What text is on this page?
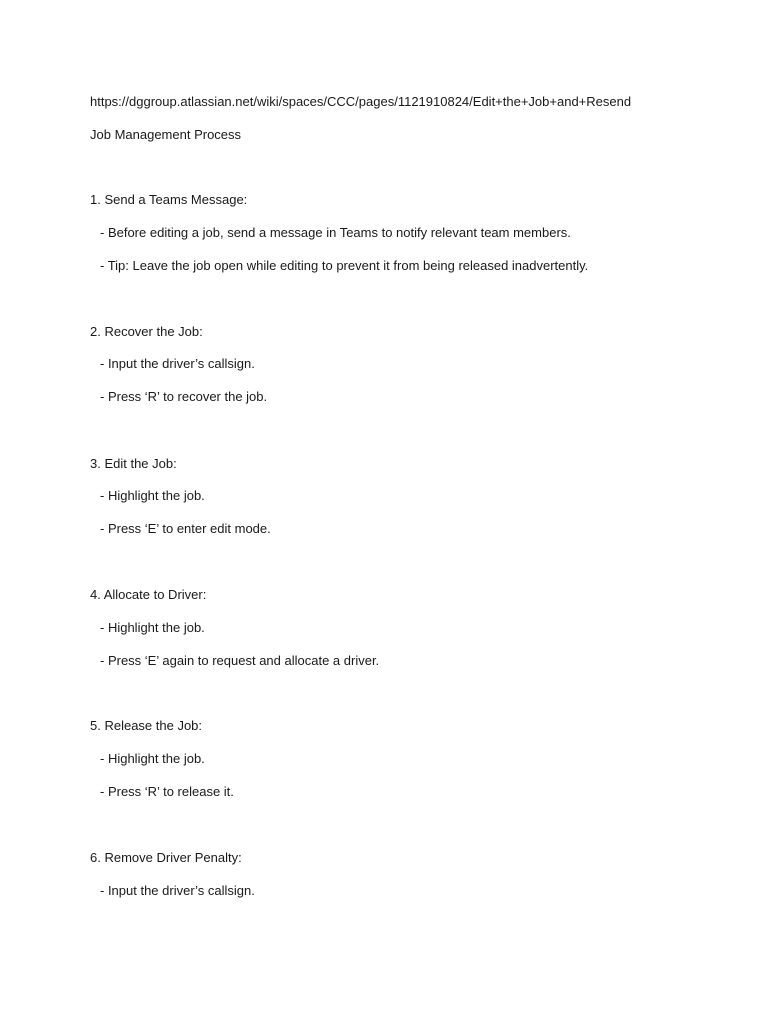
https://dggroup.atlassian.net/wiki/spaces/CCC/pages/1121910824/Edit+the+Job+and+Resend
Job Management Process
1. Send a Teams Message:
- Before editing a job, send a message in Teams to notify relevant team members.
- Tip: Leave the job open while editing to prevent it from being released inadvertently.
2. Recover the Job:
- Input the driver’s callsign.
- Press ‘R’ to recover the job.
3. Edit the Job:
- Highlight the job.
- Press ‘E’ to enter edit mode.
4. Allocate to Driver:
- Highlight the job.
- Press ‘E’ again to request and allocate a driver.
5. Release the Job:
- Highlight the job.
- Press ‘R’ to release it.
6. Remove Driver Penalty:
- Input the driver’s callsign.
